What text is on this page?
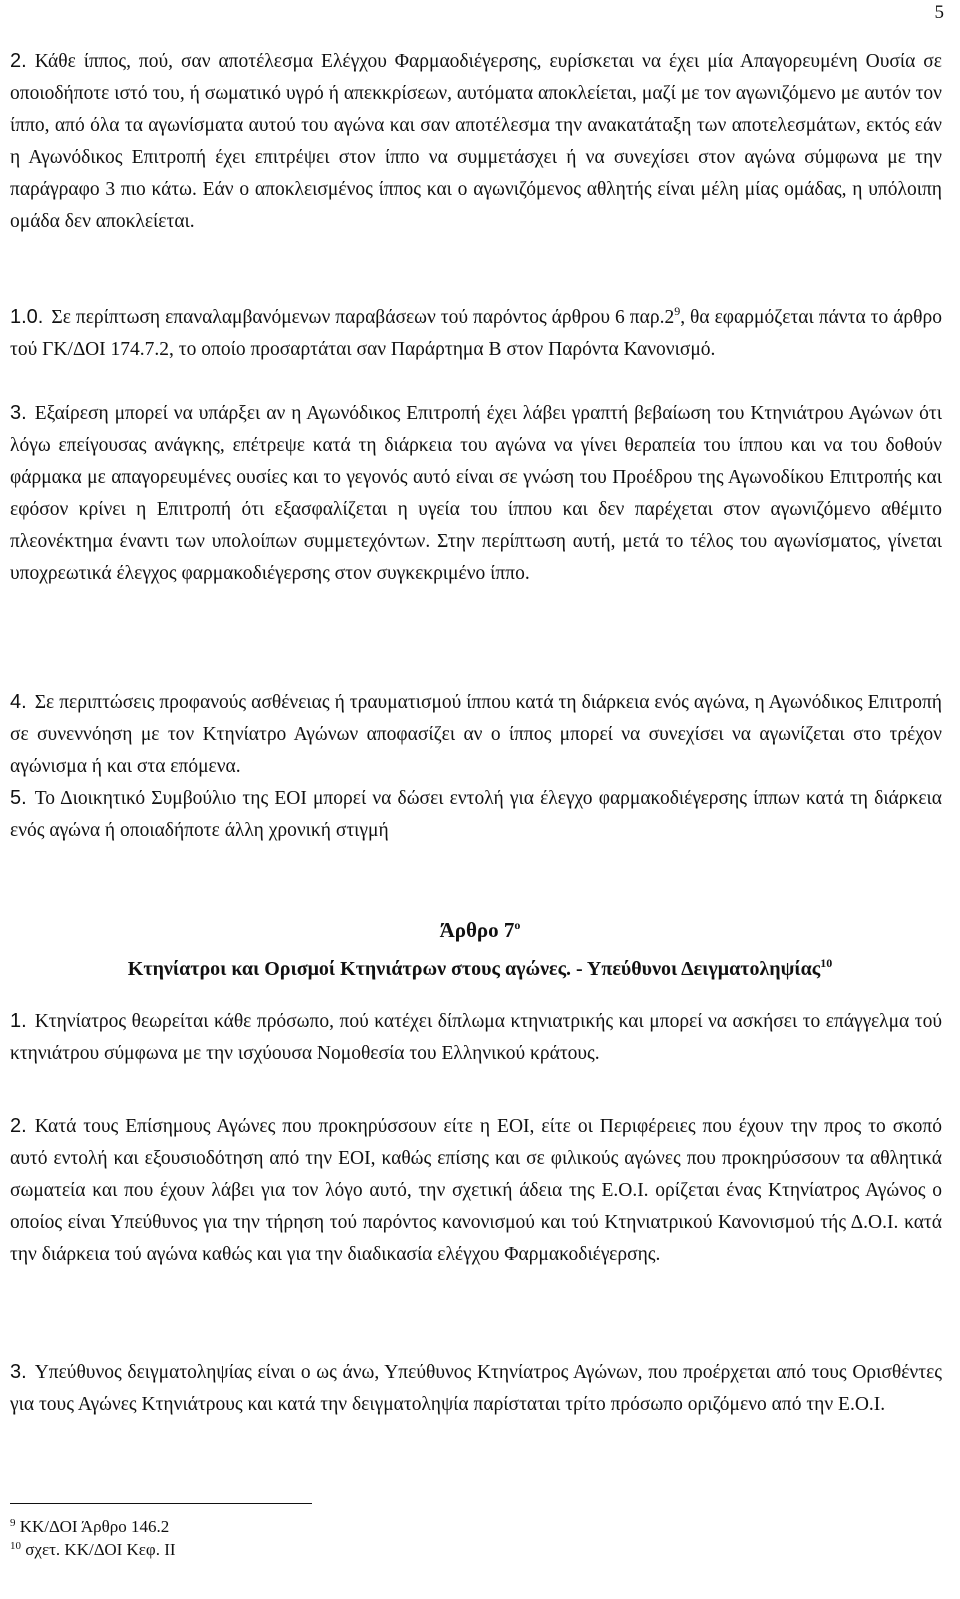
5
2. Κάθε ίππος, πού, σαν αποτέλεσμα Ελέγχου Φαρμαοδιέγερσης, ευρίσκεται να έχει μία Απαγορευμένη Ουσία σε οποιοδήποτε ιστό του, ή σωματικό υγρό ή απεκκρίσεων, αυτόματα αποκλείεται, μαζί με τον αγωνιζόμενο με αυτόν τον ίππο, από όλα τα αγωνίσματα αυτού του αγώνα και σαν αποτέλεσμα την ανακατάταξη των αποτελεσμάτων, εκτός εάν η Αγωνόδικος Επιτροπή έχει επιτρέψει στον ίππο να συμμετάσχει ή να συνεχίσει στον αγώνα σύμφωνα με την παράγραφο 3 πιο κάτω. Εάν ο αποκλεισμένος ίππος και ο αγωνιζόμενος αθλητής είναι μέλη μίας ομάδας, η υπόλοιπη ομάδα δεν αποκλείεται.
1.0. Σε περίπτωση επαναλαμβανόμενων παραβάσεων τού παρόντος άρθρου 6 $\pi\alpha\rho.2^9$, θα εφαρμόζεται πάντα το άρθρο τού ΓΚ/ΔΟΙ 174.7.2, το οποίο προσαρτάται σαν Παράρτημα Β στον Παρόντα Κανονισμό.
3. Εξαίρεση μπορεί να υπάρξει αν η Αγωνόδικος Επιτροπή έχει λάβει γραπτή βεβαίωση του Κτηνιάτρου Αγώνων ότι λόγω επείγουσας ανάγκης, επέτρεψε κατά τη διάρκεια του αγώνα να γίνει θεραπεία του ίππου και να του δοθούν φάρμακα με απαγορευμένες ουσίες και το γεγονός αυτό είναι σε γνώση του Προέδρου της Αγωνοδίκου Επιτροπής και εφόσον κρίνει η Επιτροπή ότι εξασφαλίζεται η υγεία του ίππου και δεν παρέχεται στον αγωνιζόμενο αθέμιτο πλεονέκτημα έναντι των υπολοίπων συμμετεχόντων. Στην περίπτωση αυτή, μετά το τέλος του αγωνίσματος, γίνεται υποχρεωτικά έλεγχος φαρμακοδιέγερσης στον συγκεκριμένο ίππο.
4. Σε περιπτώσεις προφανούς ασθένειας ή τραυματισμού ίππου κατά τη διάρκεια ενός αγώνα, η Αγωνόδικος Επιτροπή σε συνεννόηση με τον Κτηνίατρο Αγώνων αποφασίζει αν ο ίππος μπορεί να συνεχίσει να αγωνίζεται στο τρέχον αγώνισμα ή και στα επόμενα.
5. Το Διοικητικό Συμβούλιο της ΕΟΙ μπορεί να δώσει εντολή για έλεγχο φαρμακοδιέγερσης ίππων κατά τη διάρκεια ενός αγώνα ή οποιαδήποτε άλλη χρονική στιγμή
Άρθρο $7^o$
Κτηνίατροι και Ορισμοί Κτηνιάτρων στους αγώνες. - Υπεύθυνοι Δειγματοληψίας$^{10}$
1. Κτηνίατρος θεωρείται κάθε πρόσωπο, πού κατέχει δίπλωμα κτηνιατρικής και μπορεί να ασκήσει το επάγγελμα τού κτηνιάτρου σύμφωνα με την ισχύουσα Νομοθεσία του Ελληνικού κράτους.
2. Κατά τους Επίσημους Αγώνες που προκηρύσσουν είτε η ΕΟΙ, είτε οι Περιφέρειες που έχουν την προς το σκοπό αυτό εντολή και εξουσιοδότηση από την ΕΟΙ, καθώς επίσης και σε φιλικούς αγώνες που προκηρύσσουν τα αθλητικά σωματεία και που έχουν λάβει για τον λόγο αυτό, την σχετική άδεια της Ε.Ο.Ι. ορίζεται ένας Κτηνίατρος Αγώνος ο οποίος είναι Υπεύθυνος για την τήρηση τού παρόντος κανονισμού και τού Κτηνιατρικού Κανονισμού τής Δ.Ο.Ι. κατά την διάρκεια τού αγώνα καθώς και για την διαδικασία ελέγχου Φαρμακοδιέγερσης.
3. Υπεύθυνος δειγματοληψίας είναι ο ως άνω, Υπεύθυνος Κτηνίατρος Αγώνων, που προέρχεται από τους Ορισθέντες για τους Αγώνες Κτηνιάτρους και κατά την δειγματοληψία παρίσταται τρίτο πρόσωπο οριζόμενο από την Ε.Ο.Ι.
$^9$ ΚΚ/ΔΟΙ Άρθρο 146.2
$^{10}$ σχετ. ΚΚ/ΔΟΙ Κεφ. ΙΙ
